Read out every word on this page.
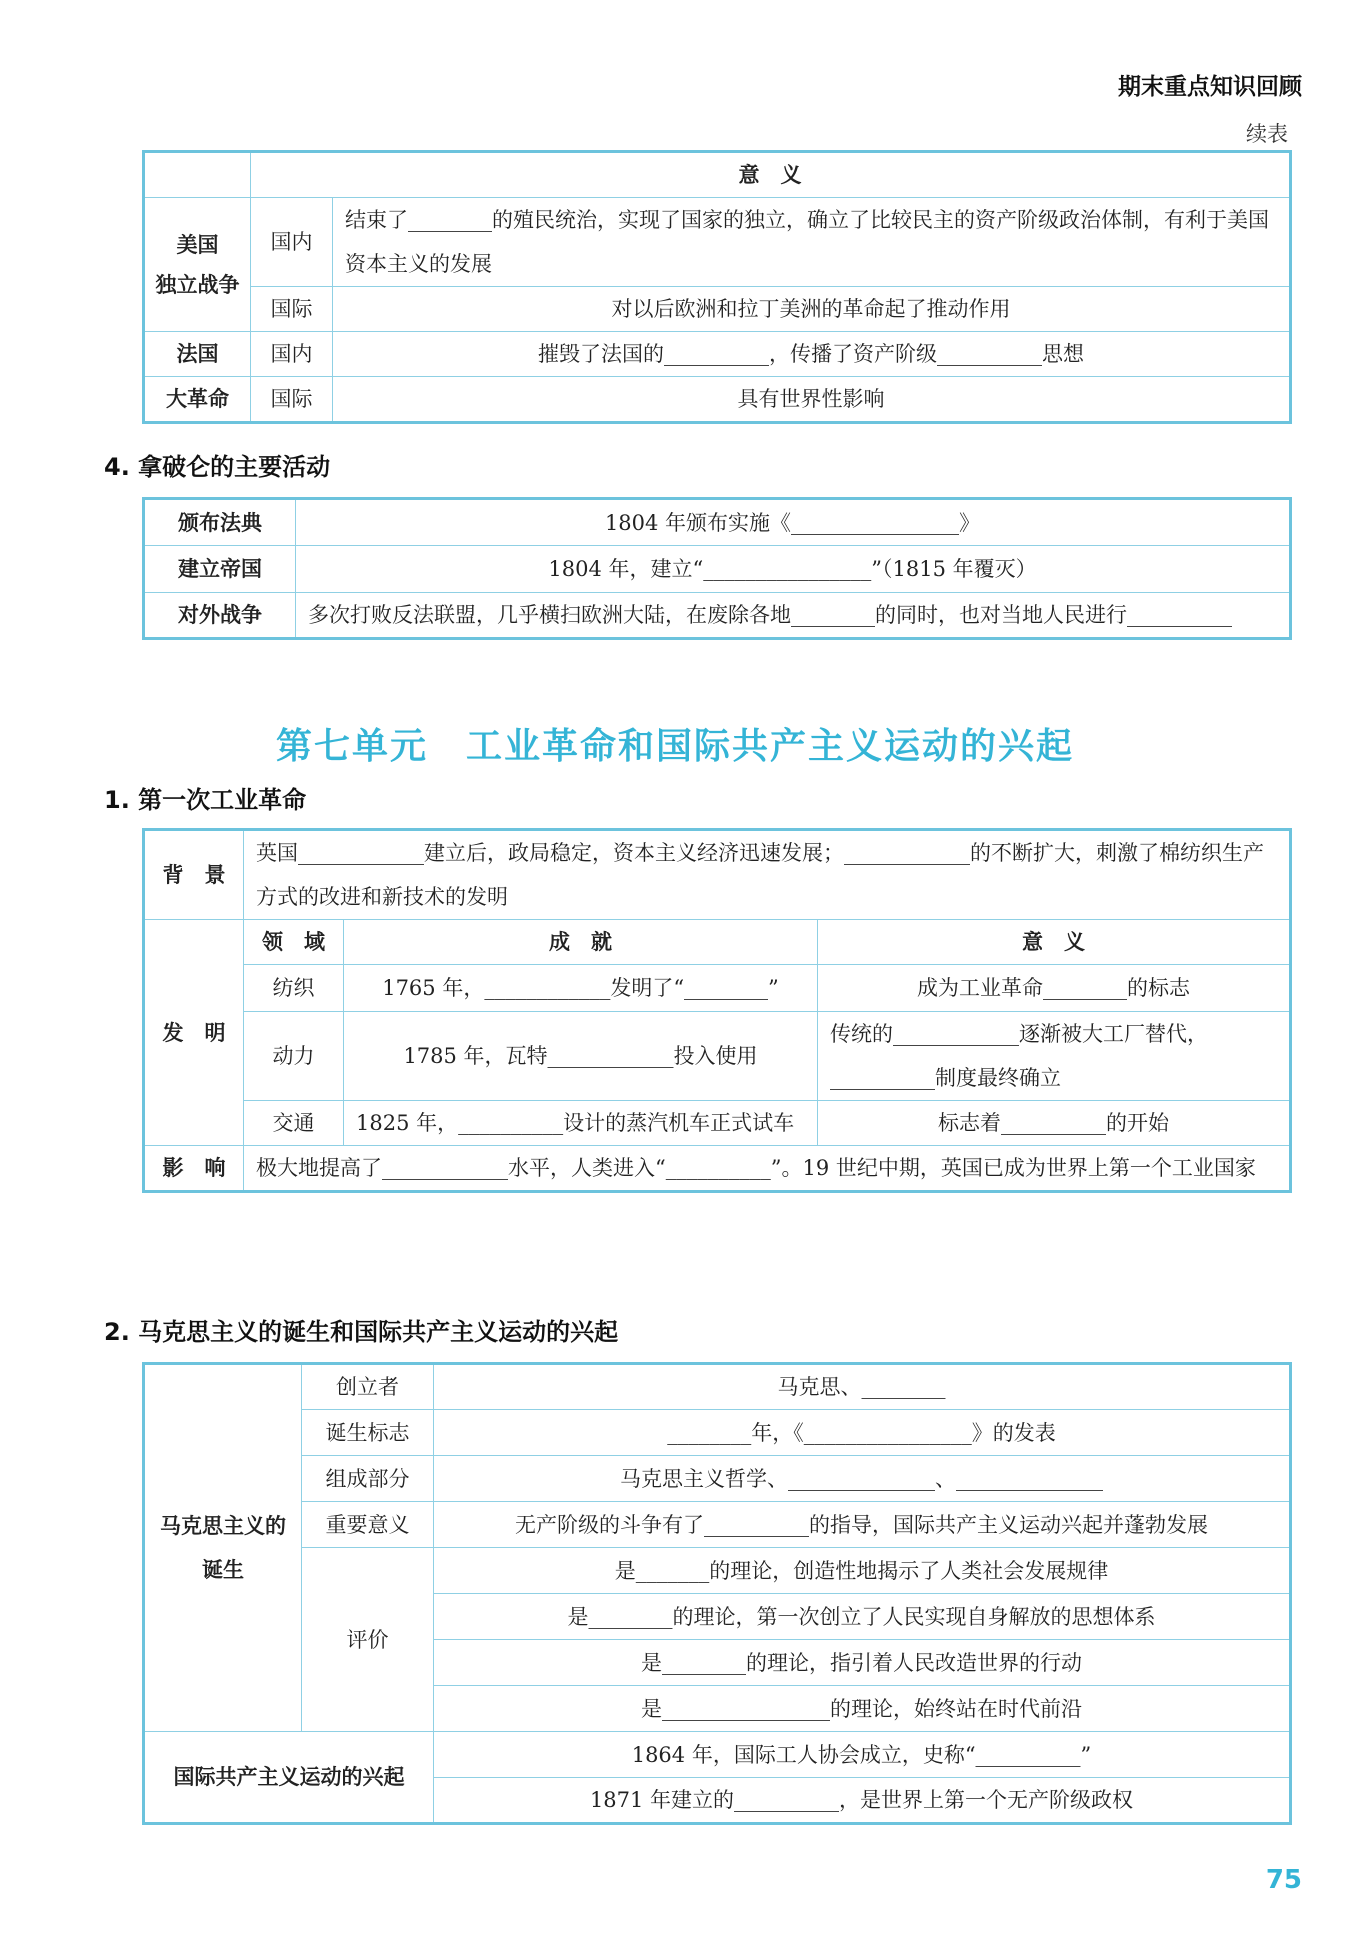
期末重点知识回顾
续表
	意　义	
美国
独立战争	国内	结束了________的殖民统治，实现了国家的独立，确立了比较民主的资产阶级政治体制，有利于美国资本主义的发展
	国际	对以后欧洲和拉丁美洲的革命起了推动作用
法国	国内	摧毁了法国的__________，传播了资产阶级__________思想
大革命	国际	具有世界性影响
4. 拿破仑的主要活动
颁布法典	1804 年颁布实施《________________》
建立帝国	1804 年，建立“________________”（1815 年覆灭）
对外战争	多次打败反法联盟，几乎横扫欧洲大陆，在废除各地________的同时，也对当地人民进行__________
第七单元　工业革命和国际共产主义运动的兴起
1. 第一次工业革命
背　景	英国____________建立后，政局稳定，资本主义经济迅速发展；____________的不断扩大，刺激了棉纺织生产方式的改进和新技术的发明		
发　明	领　域	成　就	意　义
	纺织	1765 年，____________发明了“________”	成为工业革命________的标志
	动力	1785 年，瓦特____________投入使用	传统的____________逐渐被大工厂替代，__________制度最终确立
	交通	1825 年，__________设计的蒸汽机车正式试车	标志着__________的开始
影　响	极大地提高了____________水平，人类进入“__________”。19 世纪中期，英国已成为世界上第一个工业国家		
2. 马克思主义的诞生和国际共产主义运动的兴起
马克思主义的诞生	创立者	马克思、________
	诞生标志	________年，《________________》的发表
	组成部分	马克思主义哲学、______________、______________
	重要意义	无产阶级的斗争有了__________的指导，国际共产主义运动兴起并蓬勃发展
	评价	是_______的理论，创造性地揭示了人类社会发展规律
		是________的理论，第一次创立了人民实现自身解放的思想体系
		是________的理论，指引着人民改造世界的行动
		是________________的理论，始终站在时代前沿
国际共产主义运动的兴起		1864 年，国际工人协会成立，史称“__________”
		1871 年建立的__________，是世界上第一个无产阶级政权
75
